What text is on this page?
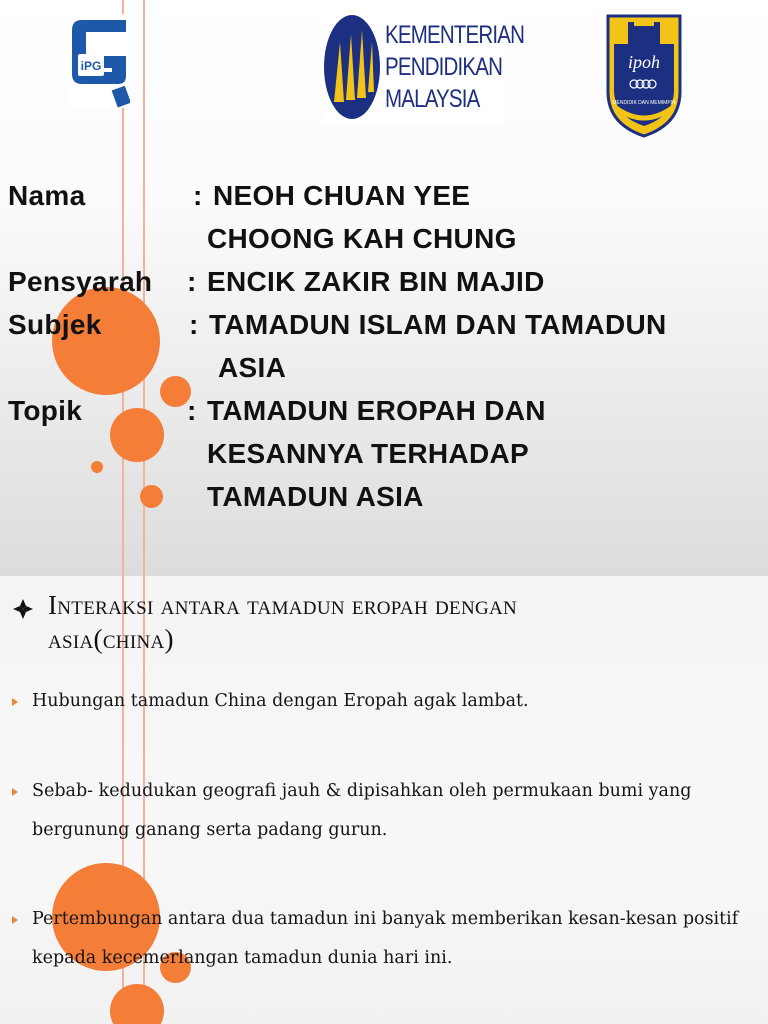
iPG
KEMENTERIAN
PENDIDIKAN
MALAYSIA
ipoh
MENDIDIK DAN MEMIMPIN
Nama	: NEOH CHUAN YEE
CHOONG KAH CHUNG
Pensyarah : ENCIK ZAKIR BIN MAJID
Subjek	: TAMADUN ISLAM DAN TAMADUN
ASIA
Topik	: TAMADUN EROPAH DAN
KESANNYA TERHADAP
TAMADUN ASIA
Interaksi antara tamadun eropah dengan
asia(china)
Hubungan tamadun China dengan Eropah agak lambat.
Sebab- kedudukan geografi jauh & dipisahkan oleh permukaan bumi yang bergunung ganang serta padang gurun.
Pertembungan antara dua tamadun ini banyak memberikan kesan-kesan positif kepada kecemerlangan tamadun dunia hari ini.
